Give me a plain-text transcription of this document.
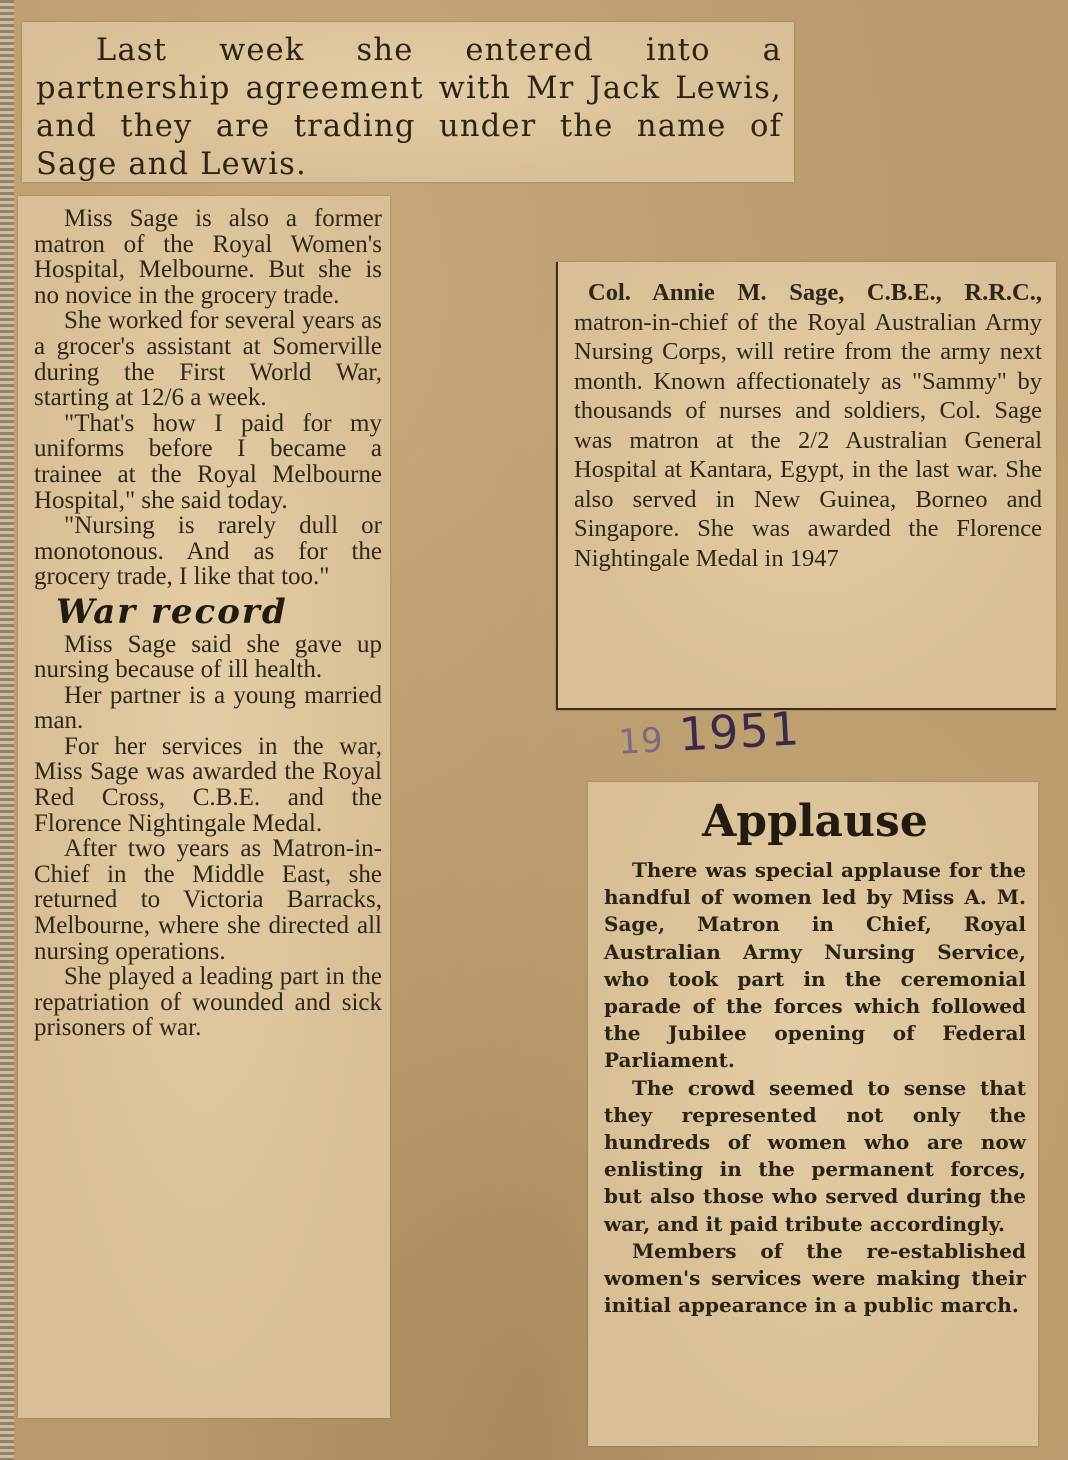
Last week she entered into a partnership agreement with Mr Jack Lewis, and they are trading under the name of Sage and Lewis.

Miss Sage is also a former matron of the Royal Women's Hospital, Melbourne. But she is no novice in the grocery trade.

She worked for several years as a grocer's assistant at Somerville during the First World War, starting at 12/6 a week.

"That's how I paid for my uniforms before I became a trainee at the Royal Melbourne Hospital," she said today.

"Nursing is rarely dull or monotonous. And as for the grocery trade, I like that too."

War record

Miss Sage said she gave up nursing because of ill health.

Her partner is a young married man.

For her services in the war, Miss Sage was awarded the Royal Red Cross, C.B.E. and the Florence Nightingale Medal.

After two years as Matron-in-Chief in the Middle East, she returned to Victoria Barracks, Melbourne, where she directed all nursing operations.

She played a leading part in the repatriation of wounded and sick prisoners of war.

Col. Annie M. Sage, C.B.E., R.R.C., matron-in-chief of the Royal Australian Army Nursing Corps, will retire from the army next month. Known affectionately as "Sammy" by thousands of nurses and soldiers, Col. Sage was matron at the 2/2 Australian General Hospital at Kantara, Egypt, in the last war. She also served in New Guinea, Borneo and Singapore. She was awarded the Florence Nightingale Medal in 1947
19 1951
Applause

There was special applause for the handful of women led by Miss A. M. Sage, Matron in Chief, Royal Australian Army Nursing Service, who took part in the ceremonial parade of the forces which followed the Jubilee opening of Federal Parliament.

The crowd seemed to sense that they represented not only the hundreds of women who are now enlisting in the permanent forces, but also those who served during the war, and it paid tribute accordingly.

Members of the re-established women's services were making their initial appearance in a public march.
